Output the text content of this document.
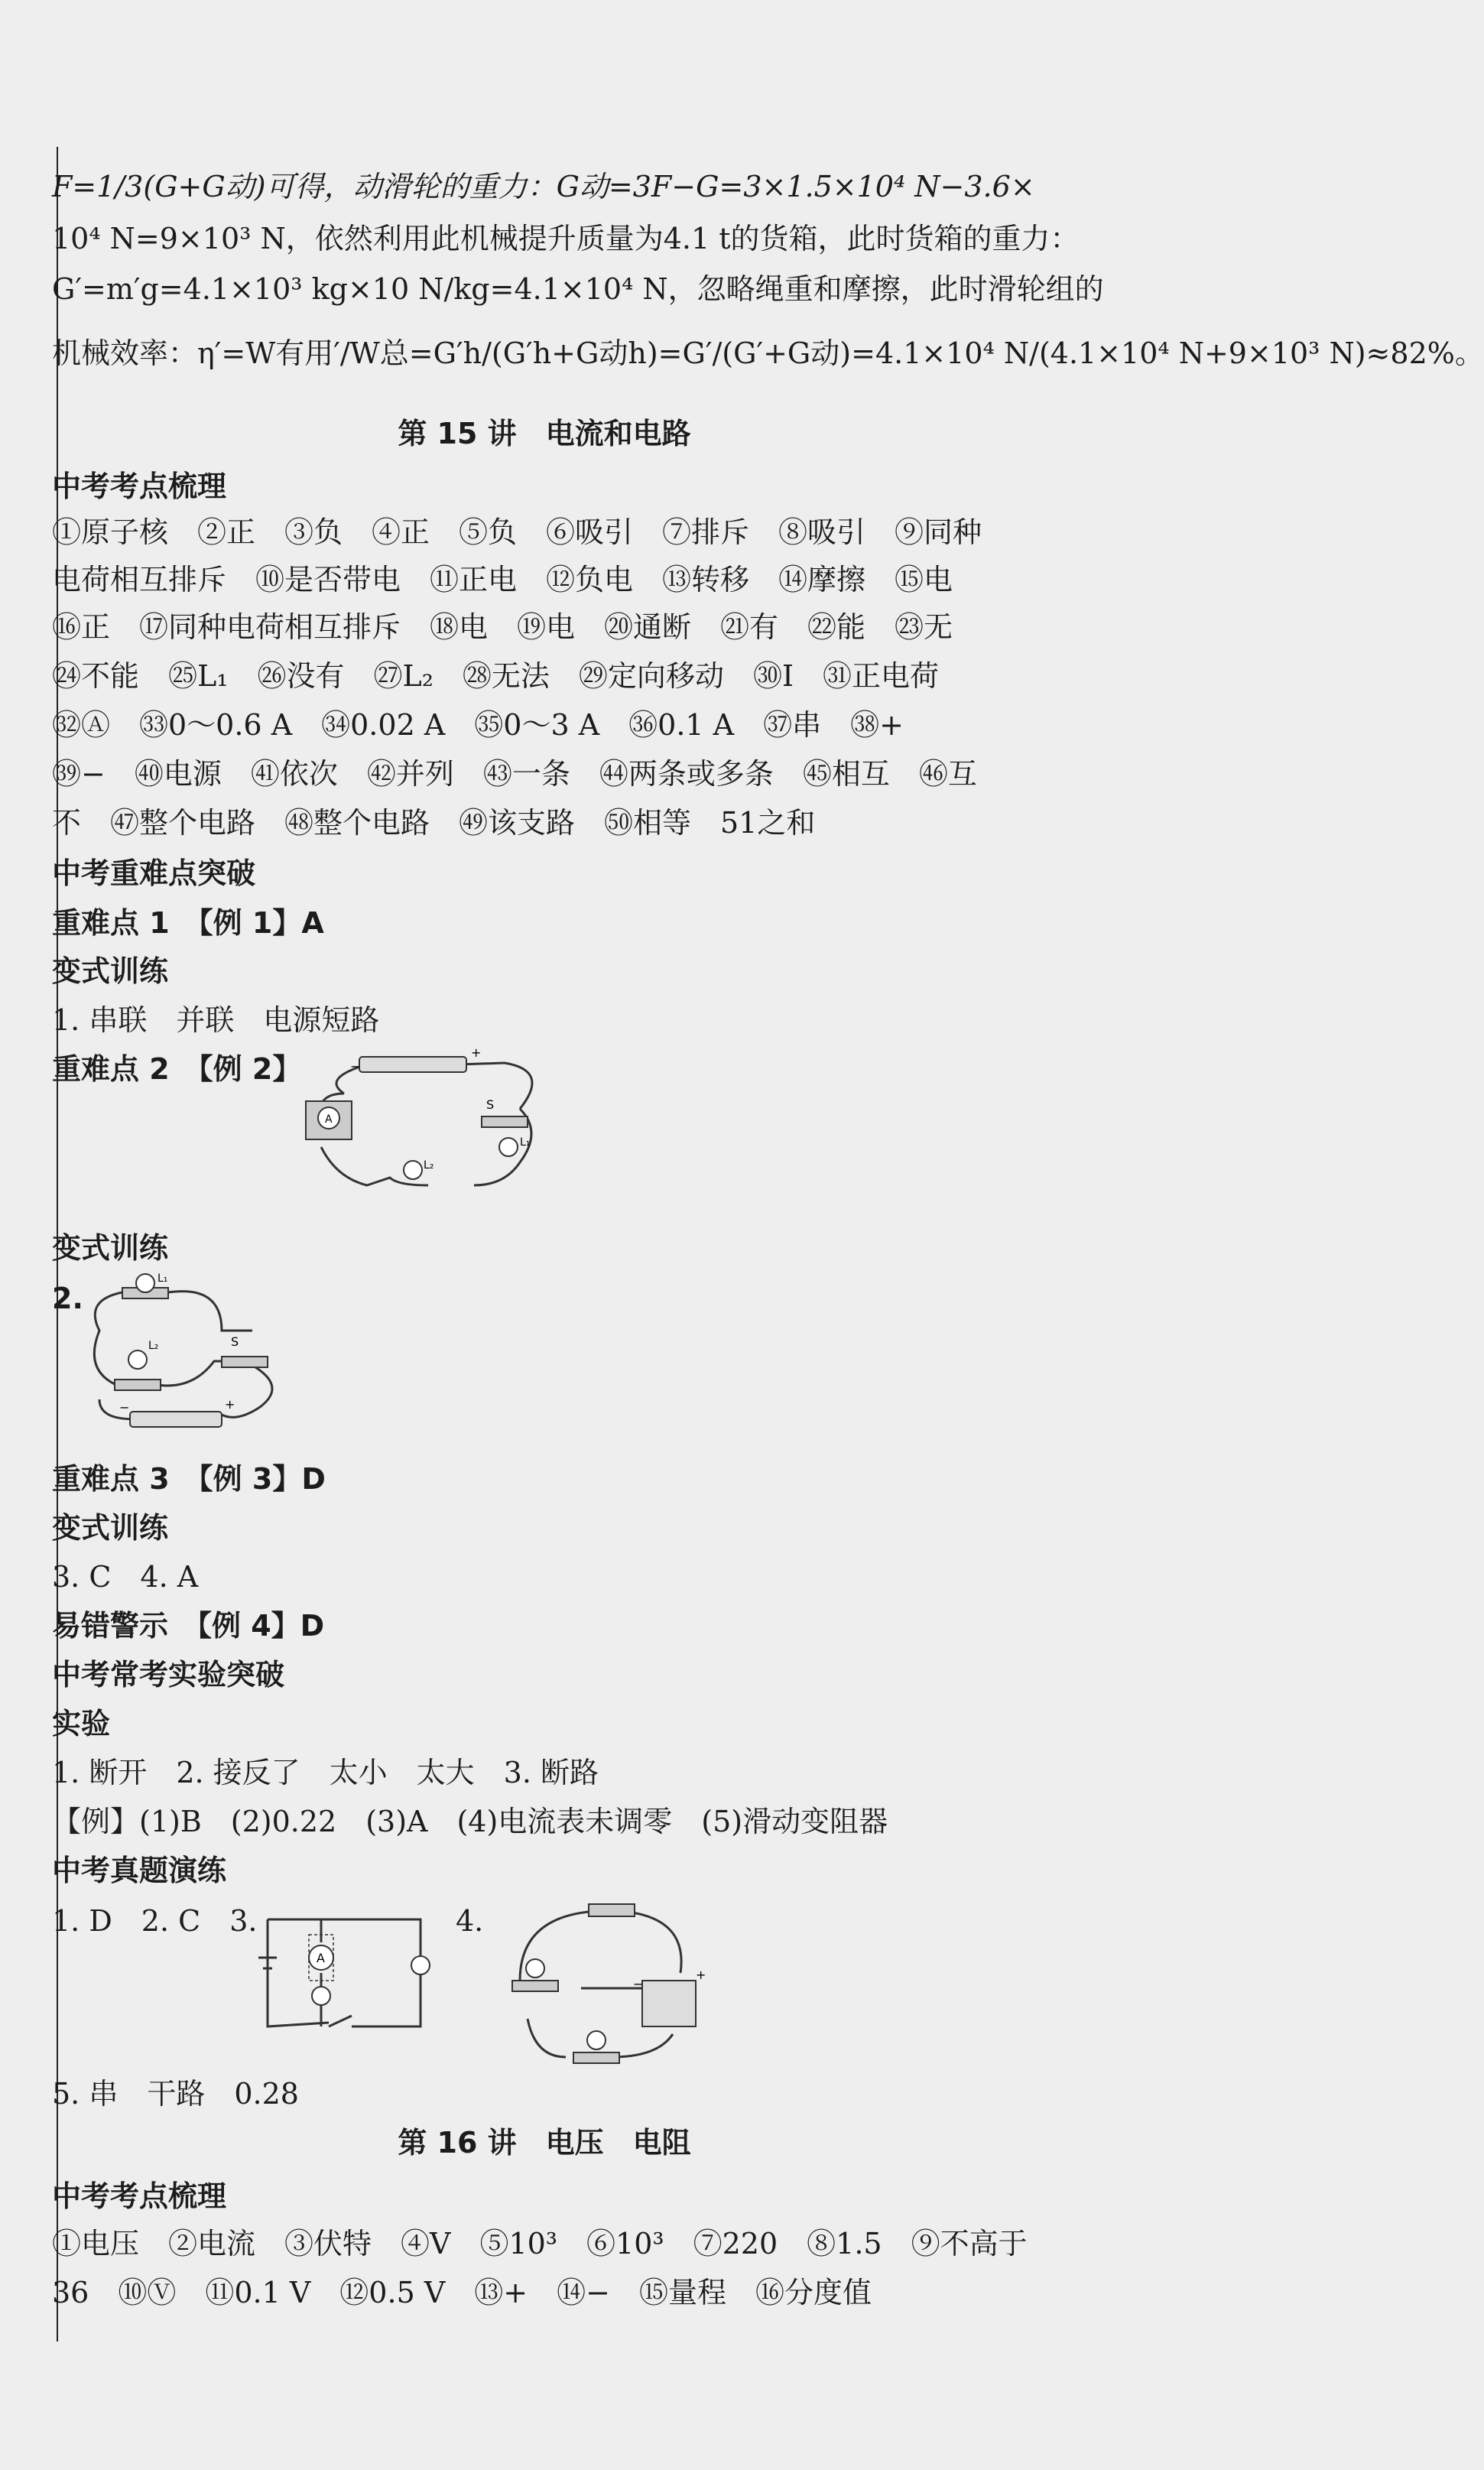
F=1/3(G+G动)可得，动滑轮的重力：G动=3F−G=3×1.5×10⁴ N−3.6×
10⁴ N=9×10³ N，依然利用此机械提升质量为4.1 t的货箱，此时货箱的重力：
G′=m′g=4.1×10³ kg×10 N/kg=4.1×10⁴ N，忽略绳重和摩擦，此时滑轮组的
机械效率：η′=W有用′/W总=G′h/(G′h+G动h)=G′/(G′+G动)=4.1×10⁴ N/(4.1×10⁴ N+9×10³ N)≈82%。
第 15 讲　电流和电路
中考考点梳理
①原子核　②正　③负　④正　⑤负　⑥吸引　⑦排斥　⑧吸引　⑨同种
电荷相互排斥　⑩是否带电　⑪正电　⑫负电　⑬转移　⑭摩擦　⑮电
⑯正　⑰同种电荷相互排斥　⑱电　⑲电　⑳通断　㉑有　㉒能　㉓无
㉔不能　㉕L₁　㉖没有　㉗L₂　㉘无法　㉙定向移动　㉚I　㉛正电荷
㉜Ⓐ　㉝0～0.6 A　㉞0.02 A　㉟0～3 A　㊱0.1 A　㊲串　㊳+
㊴−　㊵电源　㊶依次　㊷并列　㊸一条　㊹两条或多条　㊺相互　㊻互
不　㊼整个电路　㊽整个电路　㊾该支路　㊿相等　51之和
中考重难点突破
重难点 1　【例 1】A
变式训练
1. 串联　并联　电源短路
重难点 2　【例 2】	−
+
A
S
L₁
L₂
变式训练
2.
L₁
L₂	S
−	+
重难点 3　【例 3】D
变式训练
3. C　4. A
易错警示　【例 4】D
中考常考实验突破
实验
1. 断开　2. 接反了　太小　太大　3. 断路
【例】(1)B　(2)0.22　(3)A　(4)电流表未调零　(5)滑动变阻器
中考真题演练
1. D　2. C　3.
A
4.
−
+
5. 串　干路　0.28
第 16 讲　电压　电阻
中考考点梳理
①电压　②电流　③伏特　④V　⑤10³　⑥10³　⑦220　⑧1.5　⑨不高于
36　⑩Ⓥ　⑪0.1 V　⑫0.5 V　⑬+　⑭−　⑮量程　⑯分度值
